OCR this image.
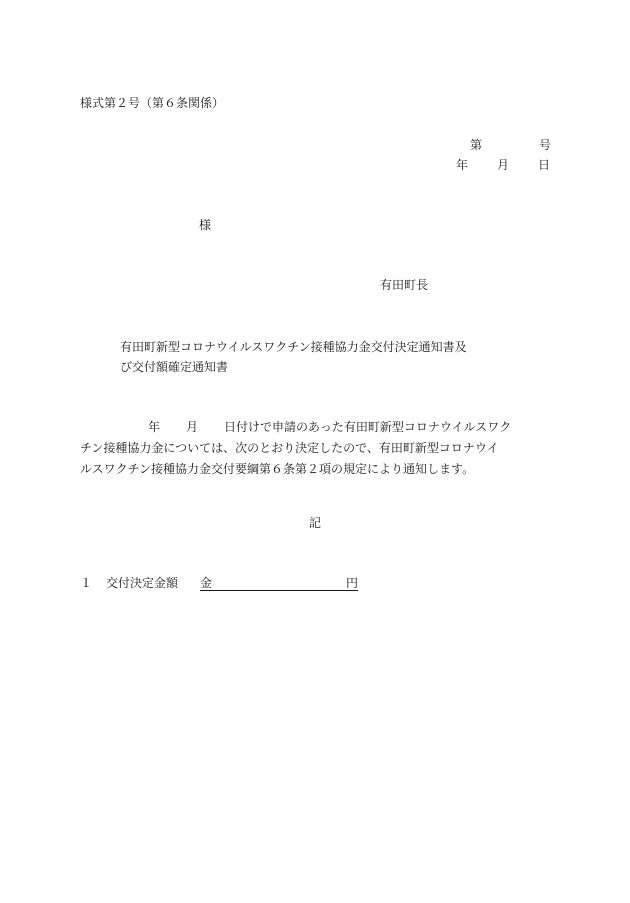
様式第２号（第６条関係）
第	号
年 月 日
様
有田町長
有田町新型コロナウイルスワクチン接種協力金交付決定通知書及
び交付額確定通知書
年 月 日付けで申請のあった有田町新型コロナウイルスワク
チン接種協力金については、次のとおり決定したので、有田町新型コロナウイ
ルスワクチン接種協力金交付要綱第６条第２項の規定により通知します。
記
１	交付決定金額	金	円
